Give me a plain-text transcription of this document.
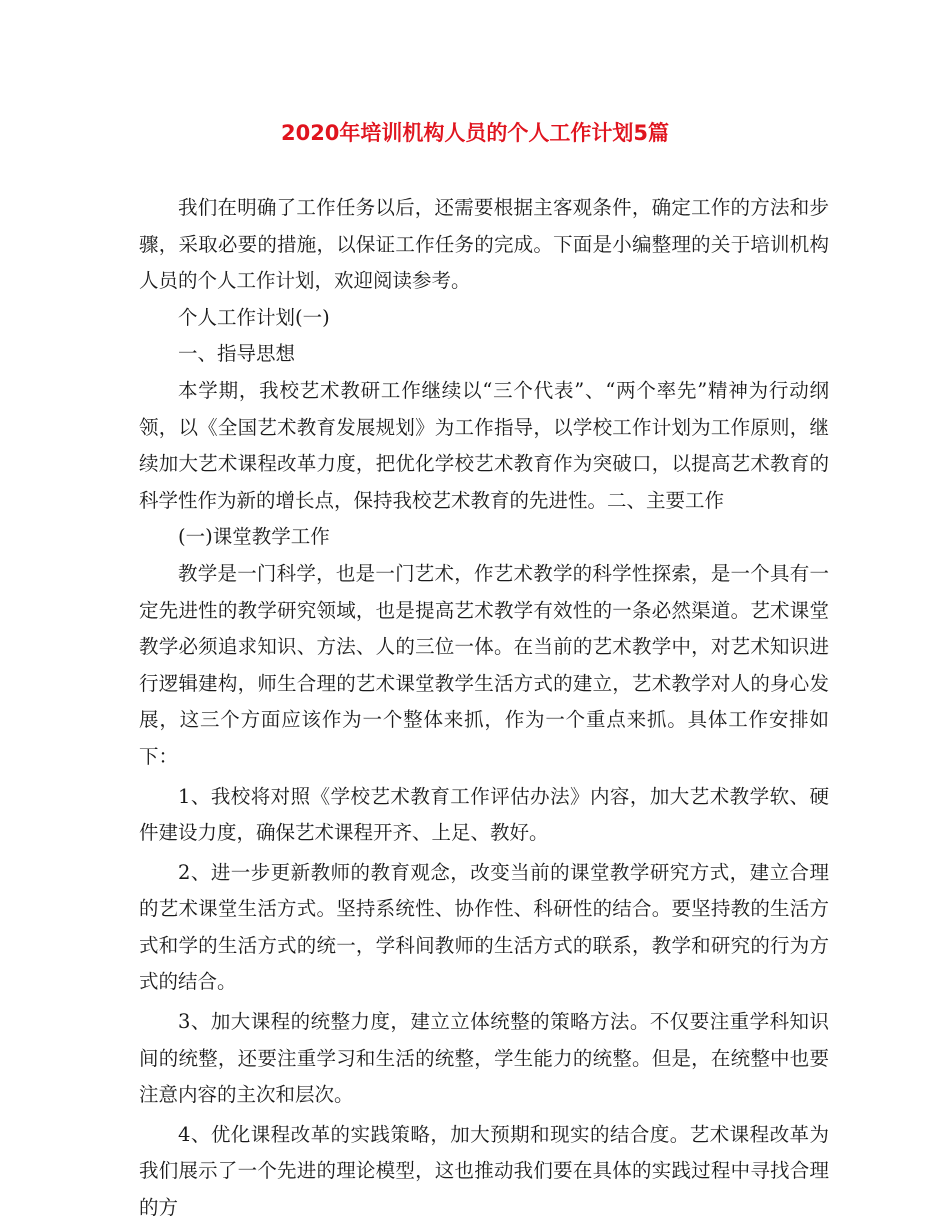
2020年培训机构人员的个人工作计划5篇

我们在明确了工作任务以后，还需要根据主客观条件，确定工作的方法和步骤，采取必要的措施，以保证工作任务的完成。下面是小编整理的关于培训机构人员的个人工作计划，欢迎阅读参考。

个人工作计划(一)

一、指导思想

本学期，我校艺术教研工作继续以“三个代表”、“两个率先”精神为行动纲领，以《全国艺术教育发展规划》为工作指导，以学校工作计划为工作原则，继续加大艺术课程改革力度，把优化学校艺术教育作为突破口，以提高艺术教育的科学性作为新的增长点，保持我校艺术教育的先进性。二、主要工作

(一)课堂教学工作

教学是一门科学，也是一门艺术，作艺术教学的科学性探索，是一个具有一定先进性的教学研究领域，也是提高艺术教学有效性的一条必然渠道。艺术课堂教学必须追求知识、方法、人的三位一体。在当前的艺术教学中，对艺术知识进行逻辑建构，师生合理的艺术课堂教学生活方式的建立，艺术教学对人的身心发展，这三个方面应该作为一个整体来抓，作为一个重点来抓。具体工作安排如下：

1、我校将对照《学校艺术教育工作评估办法》内容，加大艺术教学软、硬件建设力度，确保艺术课程开齐、上足、教好。

2、进一步更新教师的教育观念，改变当前的课堂教学研究方式，建立合理的艺术课堂生活方式。坚持系统性、协作性、科研性的结合。要坚持教的生活方式和学的生活方式的统一，学科间教师的生活方式的联系，教学和研究的行为方式的结合。

3、加大课程的统整力度，建立立体统整的策略方法。不仅要注重学科知识间的统整，还要注重学习和生活的统整，学生能力的统整。但是，在统整中也要注意内容的主次和层次。

4、优化课程改革的实践策略，加大预期和现实的结合度。艺术课程改革为我们展示了一个先进的理论模型，这也推动我们要在具体的实践过程中寻找合理的方
